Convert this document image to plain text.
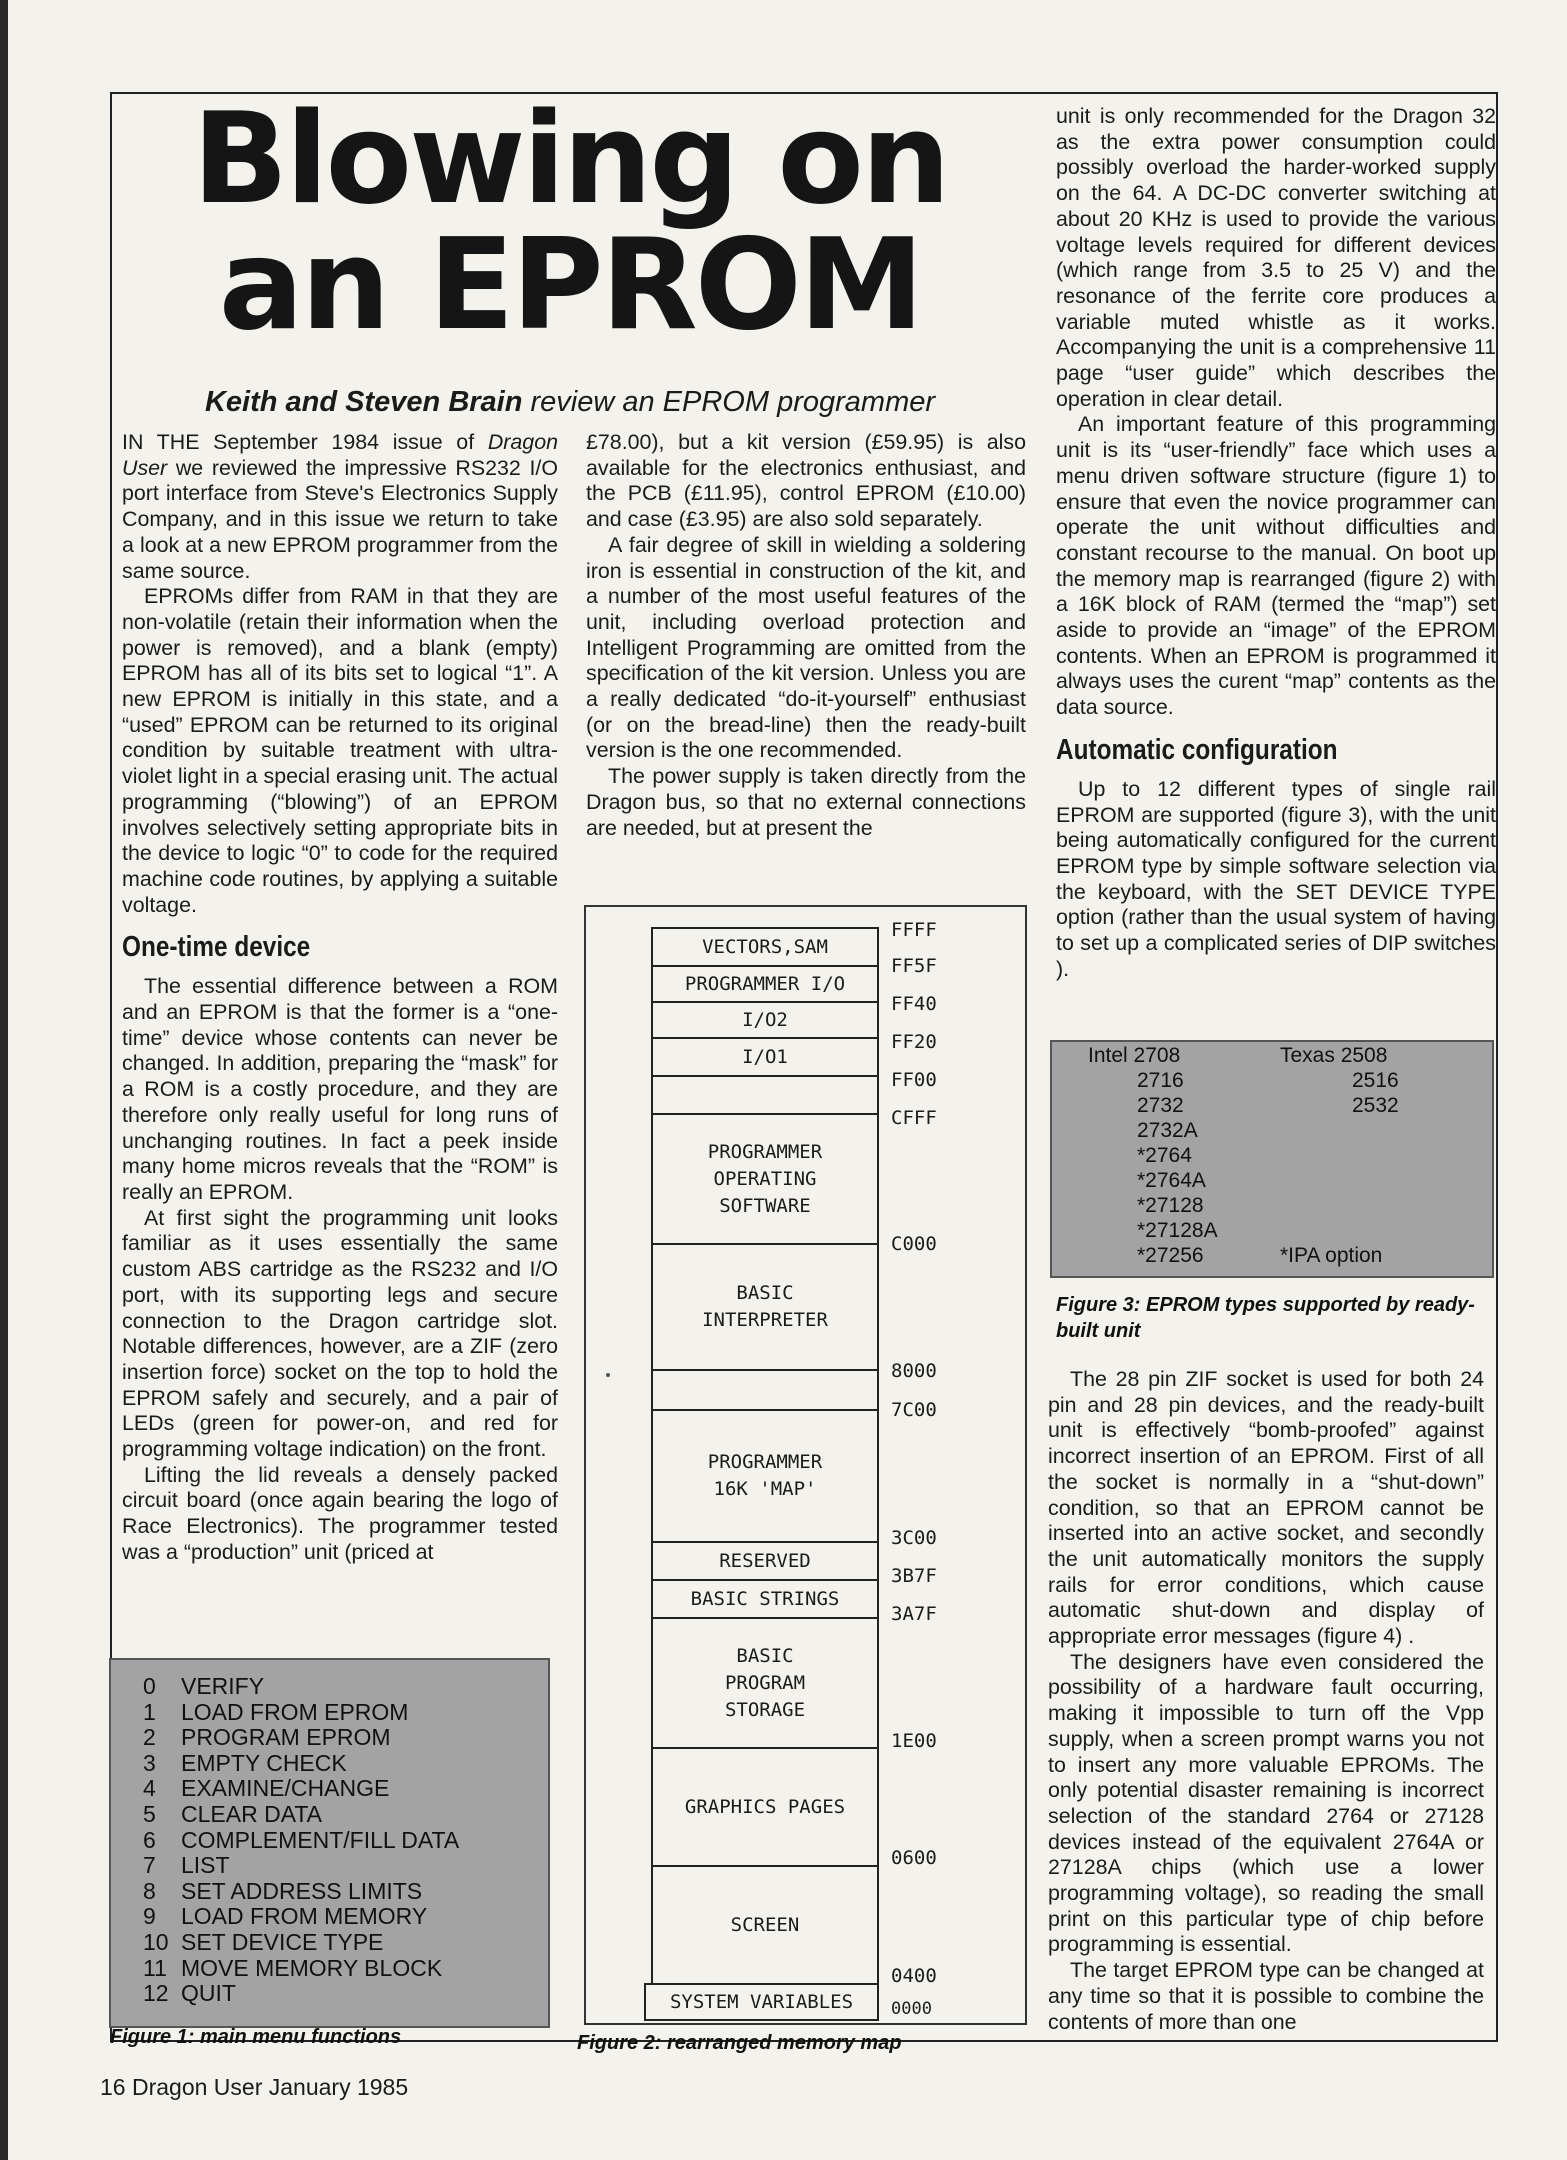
Blowing on
an EPROM
Keith and Steven Brain review an EPROM programmer

IN THE September 1984 issue of Dragon User we reviewed the impressive RS232 I/O port interface from Steve's Electronics Supply Company, and in this issue we return to take a look at a new EPROM programmer from the same source.

EPROMs differ from RAM in that they are non-volatile (retain their information when the power is removed), and a blank (empty) EPROM has all of its bits set to logical “1”. A new EPROM is initially in this state, and a “used” EPROM can be returned to its original condition by suitable treatment with ultra-violet light in a special erasing unit. The actual programming (“blowing”) of an EPROM involves selectively setting appropriate bits in the device to logic “0” to code for the required machine code routines, by applying a suitable voltage.

One-time device

The essential difference between a ROM and an EPROM is that the former is a “one-time” device whose contents can never be changed. In addition, preparing the “mask” for a ROM is a costly procedure, and they are therefore only really useful for long runs of unchanging routines. In fact a peek inside many home micros reveals that the “ROM” is really an EPROM.

At first sight the programming unit looks familiar as it uses essentially the same custom ABS cartridge as the RS232 and I/O port, with its supporting legs and secure connection to the Dragon cartridge slot. Notable differences, however, are a ZIF (zero insertion force) socket on the top to hold the EPROM safely and securely, and a pair of LEDs (green for power-on, and red for programming voltage indication) on the front.

Lifting the lid reveals a densely packed circuit board (once again bearing the logo of Race Electronics). The programmer tested was a “production” unit (priced at

£78.00), but a kit version (£59.95) is also available for the electronics enthusiast, and the PCB (£11.95), control EPROM (£10.00) and case (£3.95) are also sold separately.

A fair degree of skill in wielding a soldering iron is essential in construction of the kit, and a number of the most useful features of the unit, including overload protection and Intelligent Programming are omitted from the specification of the kit version. Unless you are a really dedicated “do-it-yourself” enthusiast (or on the bread-line) then the ready-built version is the one recommended.

The power supply is taken directly from the Dragon bus, so that no external connections are needed, but at present the

unit is only recommended for the Dragon 32 as the extra power consumption could possibly overload the harder-worked supply on the 64. A DC-DC converter switching at about 20 KHz is used to provide the various voltage levels required for different devices (which range from 3.5 to 25 V) and the resonance of the ferrite core produces a variable muted whistle as it works. Accompanying the unit is a comprehensive 11 page “user guide” which describes the operation in clear detail.

An important feature of this programming unit is its “user-friendly” face which uses a menu driven software structure (figure 1) to ensure that even the novice programmer can operate the unit without difficulties and constant recourse to the manual. On boot up the memory map is rearranged (figure 2) with a 16K block of RAM (termed the “map”) set aside to provide an “image” of the EPROM contents. When an EPROM is programmed it always uses the curent “map” contents as the data source.

Automatic configuration

Up to 12 different types of single rail EPROM are supported (figure 3), with the unit being automatically configured for the current EPROM type by simple software selection via the keyboard, with the SET DEVICE TYPE option (rather than the usual system of having to set up a complicated series of DIP switches ).

The 28 pin ZIF socket is used for both 24 pin and 28 pin devices, and the ready-built unit is effectively “bomb-proofed” against incorrect insertion of an EPROM. First of all the socket is normally in a “shut-down” condition, so that an EPROM cannot be inserted into an active socket, and secondly the unit automatically monitors the supply rails for error conditions, which cause automatic shut-down and display of appropriate error messages (figure 4) .

The designers have even considered the possibility of a hardware fault occurring, making it impossible to turn off the Vpp supply, when a screen prompt warns you not to insert any more valuable EPROMs. The only potential disaster remaining is incorrect selection of the standard 2764 or 27128 devices instead of the equivalent 2764A or 27128A chips (which use a lower programming voltage), so reading the small print on this particular type of chip before programming is essential.

The target EPROM type can be changed at any time so that it is possible to combine the contents of more than one

0 VERIFY
1 LOAD FROM EPROM
2 PROGRAM EPROM
3 EMPTY CHECK
4 EXAMINE/CHANGE
5 CLEAR DATA
6 COMPLEMENT/FILL DATA
7 LIST
8 SET ADDRESS LIMITS
9 LOAD FROM MEMORY
10 SET DEVICE TYPE
11 MOVE MEMORY BLOCK
12 QUIT
Figure 1: main menu functions
VECTORS,SAM
PROGRAMMER I/O
I/O2
I/O1
PROGRAMMER
OPERATING
SOFTWARE
BASIC
INTERPRETER
PROGRAMMER
16K 'MAP'
RESERVED
BASIC STRINGS
BASIC
PROGRAM
STORAGE
GRAPHICS PAGES
SCREEN
SYSTEM VARIABLES
FFFF
FF5F
FF40
FF20
FF00
CFFF
C000
8000
7C00
3C00
3B7F
3A7F
1E00
0600
0400
0000
Figure 2: rearranged memory map
Intel 2708
2716
2732
2732A
*2764
*2764A
*27128
*27128A
*27256
Texas 2508
2516
2532
*IPA option
Figure 3: EPROM types supported by ready-built unit
16 Dragon User January 1985
